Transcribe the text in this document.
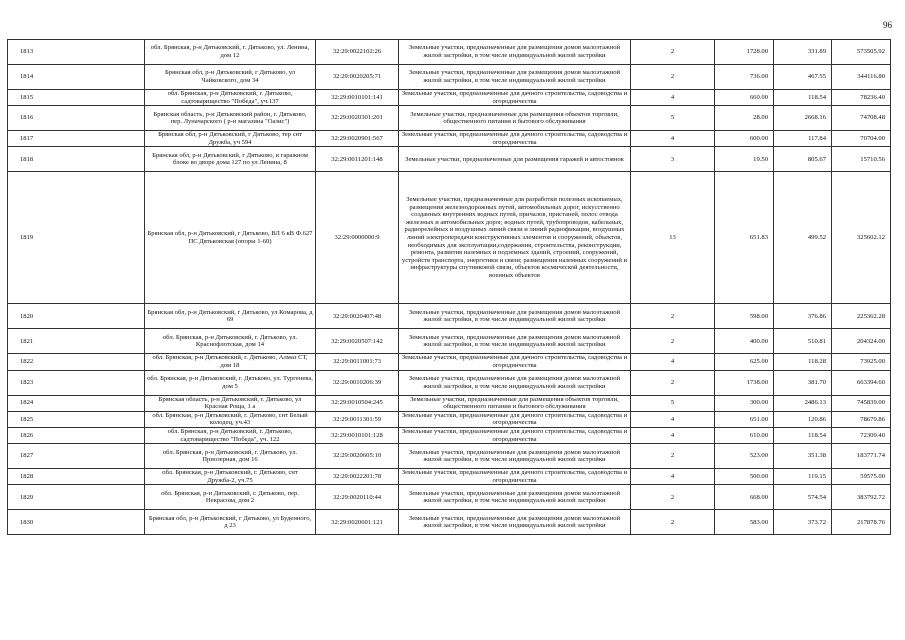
96
1813	обл. Брянская, р-н Дятьковский, г. Дятьково, ул. Ленина, дом 12	32:29:0022102:26	Земельные участки, предназначенные для размещения домов малоэтажной жилой застройки, в том числе индивидуальной жилой застройки	2	1728.00	331.89	573505.92
1814	Брянская обл, р-н Дятьковский, г Дятьково, ул Чайковского, дом 34	32:29:0020205:71	Земельные участки, предназначенные для размещения домов малоэтажной жилой застройки, в том числе индивидуальной жилой застройки	2	736.00	467.55	344116.80
1815	обл. Брянская, р-н Дятьковский, г. Дятьково, садтоварищество "Победа", уч.137	32:29:0010101:141	Земельные участки, предназначенные для дачного строительства, садоводства и огородничества	4	660.00	118.54	78236.40
1816	Брянская область, р-н Дятьковский район, г. Дятьково, пер. Луначарского ( р-н магазина "Оазис")	32:29:0020301:201	Земельные участки, предназначенные для размещения объектов торговли, общественного питания и бытового обслуживания	5	28.00	2668.16	74708.48
1817	Брянская обл, р-н Дятьковский, г Дятьково, тер снт Дружба, уч 594	32:29:0020901:567	Земельные участки, предназначенные для дачного строительства, садоводства и огородничества	4	600.00	117.84	70704.00
1818	Брянская обл, р-н Дятьковский, г Дятьково, в гаражном блоке во дворе дома 127 по ул Ленина, 8	32:29:0011201:148	Земельные участки, предназначенные для размещения гаражей и автостоянок	3	19.50	805.67	15710.56
1819	Брянская обл, р-н Дятьковский, г Дятьково, ВЛ 6 кВ Ф.627 ПС Дятьковская (опоры 1-60)	32:29:0000000:9	Земельные участки, предназначенные для разработки полезных ископаемых, размещения железнодорожных путей, автомобильных дорог, искусственно созданных внутренних водных путей, причалов, пристаней, полос отвода железных и автомобильных дорог, водных путей, трубопроводов, кабельных, радиорелейных и воздушных линий связи и линий радиофикации, воздушных линий электропередачи конструктивных элементов и сооружений, объектов, необходимых для эксплуатации,содержания, строительства, реконструкции, ремонта, развития наземных и подземных зданий, строений, сооружений, устройств транспорта, энергетики и связи; размещения наземных сооружений и инфраструктуры спутниковой связи, объектов космической деятельности, военных объектов	13	651.83	499.52	325602.12
1820	Брянская обл, р-н Дятьковский, г Дятьково, ул Комарова, д 69	32:29:0020407:48	Земельные участки, предназначенные для размещения домов малоэтажной жилой застройки, в том числе индивидуальной жилой застройки	2	598.00	376.86	225362.28
1821	обл. Брянская, р-н Дятьковский, г. Дятьково, ул. Краснофлотская, дом 14	32:29:0020507:142	Земельные участки, предназначенные для размещения домов малоэтажной жилой застройки, в том числе индивидуальной жилой застройки	2	400.00	510.81	204324.00
1822	обл. Брянская, р-н Дятьковский, г. Дятьково, Алмаз СТ, дом 18	32:29:0011001:73	Земельные участки, предназначенные для дачного строительства, садоводства и огородничества	4	625.00	118.28	73925.00
1823	обл. Брянская, р-н Дятьковский, г. Дятьково, ул. Тургенева, дом 5	32:29:0010206:39	Земельные участки, предназначенные для размещения домов малоэтажной жилой застройки, в том числе индивидуальной жилой застройки	2	1738.00	381.70	663394.60
1824	Брянская область, р-н Дятьковский, г. Дятьково, ул Красная Роща, 1 а	32:29:0010504:245	Земельные участки, предназначенные для размещения объектов торговли, общественного питания и бытового обслуживания	5	300.00	2486.13	745839.00
1825	обл. Брянская, р-н Дятьковский, г. Дятьково, снт Белый колодец, уч.43	32:29:0011301:59	Земельные участки, предназначенные для дачного строительства, садоводства и огородничества	4	651.00	120.86	78679.86
1826	обл. Брянская, р-н Дятьковский, г. Дятьково, садтоварищество "Победа", уч. 122	32:29:0010101:128	Земельные участки, предназначенные для дачного строительства, садоводства и огородничества	4	610.00	118.54	72309.40
1827	обл. Брянская, р-н Дятьковский, г. Дятьково, ул. Приозерная, дом 16	32:29:0020605:10	Земельные участки, предназначенные для размещения домов малоэтажной жилой застройки, в том числе индивидуальной жилой застройки	2	523.00	351.38	183771.74
1828	обл. Брянская, р-н Дятьковский, г. Дятьково, снт Дружба-2, уч.75	32:29:0022201:78	Земельные участки, предназначенные для дачного строительства, садоводства и огородничества	4	500.00	119.15	59575.00
1829	обл. Брянская, р-н Дятьковский, г. Дятьково, пер. Некрасова, дом 2	32:29:0020110:44	Земельные участки, предназначенные для размещения домов малоэтажной жилой застройки, в том числе индивидуальной жилой застройки	2	668.00	574.54	383792.72
1830	Брянская обл, р-н Дятьковский, г Дятьково, ул Буденного, д 23	32:29:0020601:121	Земельные участки, предназначенные для размещения домов малоэтажной жилой застройки, в том числе индивидуальной жилой застройки	2	583.00	373.72	217878.76
